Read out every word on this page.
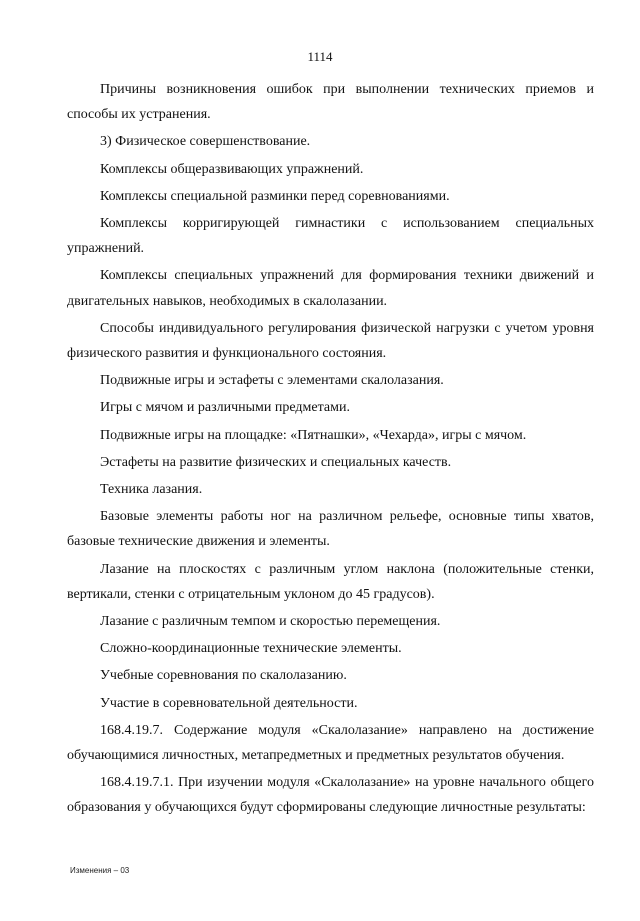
1114

Причины возникновения ошибок при выполнении технических приемов и способы их устранения.

3) Физическое совершенствование.

Комплексы общеразвивающих упражнений.

Комплексы специальной разминки перед соревнованиями.

Комплексы корригирующей гимнастики с использованием специальных упражнений.

Комплексы специальных упражнений для формирования техники движений и двигательных навыков, необходимых в скалолазании.

Способы индивидуального регулирования физической нагрузки с учетом уровня физического развития и функционального состояния.

Подвижные игры и эстафеты с элементами скалолазания.

Игры с мячом и различными предметами.

Подвижные игры на площадке: «Пятнашки», «Чехарда», игры с мячом.

Эстафеты на развитие физических и специальных качеств.

Техника лазания.

Базовые элементы работы ног на различном рельефе, основные типы хватов, базовые технические движения и элементы.

Лазание на плоскостях с различным углом наклона (положительные стенки, вертикали, стенки с отрицательным уклоном до 45 градусов).

Лазание с различным темпом и скоростью перемещения.

Сложно-координационные технические элементы.

Учебные соревнования по скалолазанию.

Участие в соревновательной деятельности.

168.4.19.7. Содержание модуля «Скалолазание» направлено на достижение обучающимися личностных, метапредметных и предметных результатов обучения.

168.4.19.7.1. При изучении модуля «Скалолазание» на уровне начального общего образования у обучающихся будут сформированы следующие личностные результаты:

Изменения – 03
